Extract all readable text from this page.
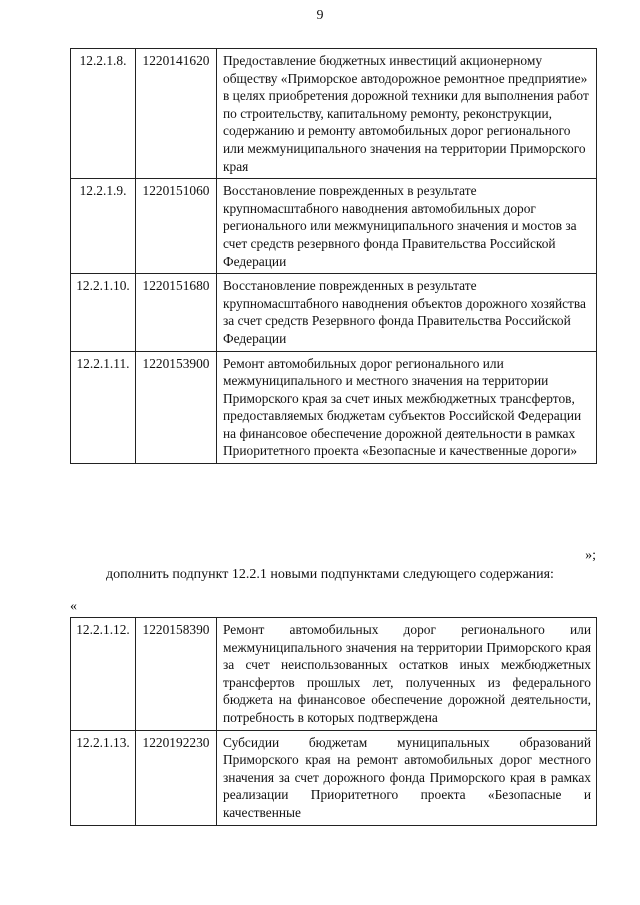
9
12.2.1.8.	1220141620	Предоставление бюджетных инвестиций акционерному обществу «Приморское автодорожное ремонтное предприятие» в целях приобретения дорожной техники для выполнения работ по строительству, капитальному ремонту, реконструкции, содержанию и ремонту автомобильных дорог регионального или межмуниципального значения на территории Приморского края
12.2.1.9.	1220151060	Восстановление поврежденных в результате крупномасштабного наводнения автомобильных дорог регионального или межмуниципального значения и мостов за счет средств резервного фонда Правительства Российской Федерации
12.2.1.10.	1220151680	Восстановление поврежденных в результате крупномасштабного наводнения объектов дорожного хозяйства за счет средств Резервного фонда Правительства Российской Федерации
12.2.1.11.	1220153900	Ремонт автомобильных дорог регионального или межмуниципального и местного значения на территории Приморского края за счет иных межбюджетных трансфертов, предоставляемых бюджетам субъектов Российской Федерации на финансовое обеспечение дорожной деятельности в рамках Приоритетного проекта «Безопасные и качественные дороги»
»;
дополнить подпункт 12.2.1 новыми подпунктами следующего содержания:
«
12.2.1.12.	1220158390	Ремонт автомобильных дорог регионального или межмуниципального значения на территории Приморского края за счет неиспользованных остатков иных межбюджетных трансфертов прошлых лет, полученных из федерального бюджета на финансовое обеспечение дорожной деятельности, потребность в которых подтверждена
12.2.1.13.	1220192230	Субсидии бюджетам муниципальных образований Приморского края на ремонт автомобильных дорог местного значения за счет дорожного фонда Приморского края в рамках реализации Приоритетного проекта «Безопасные и качественные
